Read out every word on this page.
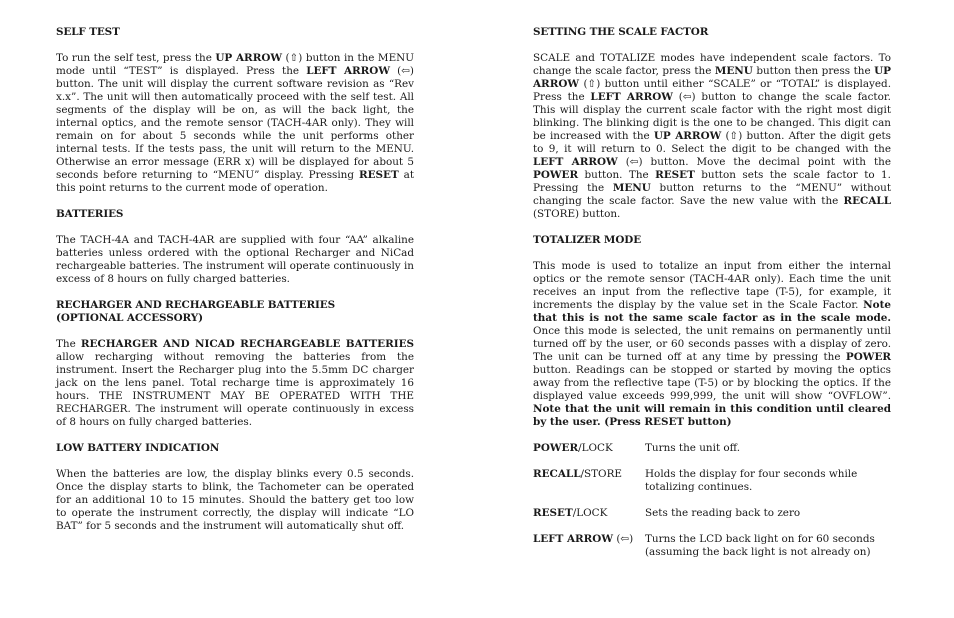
SELF TEST

To run the self test, press the UP ARROW (⇧) button in the MENU mode until “TEST” is displayed. Press the LEFT ARROW (⇦) button. The unit will display the current software revision as “Rev x.x”. The unit will then automatically proceed with the self test. All segments of the display will be on, as will the back light, the internal optics, and the remote sensor (TACH-4AR only). They will remain on for about 5 seconds while the unit performs other internal tests. If the tests pass, the unit will return to the MENU. Otherwise an error message (ERR x) will be displayed for about 5 seconds before returning to “MENU” display. Pressing RESET at this point returns to the current mode of operation.

BATTERIES

The TACH-4A and TACH-4AR are supplied with four “AA” alkaline batteries unless ordered with the optional Recharger and NiCad rechargeable batteries. The instrument will operate continuously in excess of 8 hours on fully charged batteries.

RECHARGER AND RECHARGEABLE BATTERIES
(OPTIONAL ACCESSORY)

The RECHARGER AND NICAD RECHARGEABLE BATTERIES allow recharging without removing the batteries from the instrument. Insert the Recharger plug into the 5.5mm DC charger jack on the lens panel. Total recharge time is approximately 16 hours. THE INSTRUMENT MAY BE OPERATED WITH THE RECHARGER. The instrument will operate continuously in excess of 8 hours on fully charged batteries.

LOW BATTERY INDICATION

When the batteries are low, the display blinks every 0.5 seconds. Once the display starts to blink, the Tachometer can be operated for an additional 10 to 15 minutes. Should the battery get too low to operate the instrument correctly, the display will indicate “LO BAT” for 5 seconds and the instrument will automatically shut off.

SETTING THE SCALE FACTOR

SCALE and TOTALIZE modes have independent scale factors. To change the scale factor, press the MENU button then press the UP ARROW (⇧) button until either “SCALE” or “TOTAL” is displayed. Press the LEFT ARROW (⇦) button to change the scale factor. This will display the current scale factor with the right most digit blinking. The blinking digit is the one to be changed. This digit can be increased with the UP ARROW (⇧) button. After the digit gets to 9, it will return to 0. Select the digit to be changed with the LEFT ARROW (⇦) button. Move the decimal point with the POWER button. The RESET button sets the scale factor to 1. Pressing the MENU button returns to the “MENU” without changing the scale factor. Save the new value with the RECALL (STORE) button.

TOTALIZER MODE

This mode is used to totalize an input from either the internal optics or the remote sensor (TACH-4AR only). Each time the unit receives an input from the reflective tape (T-5), for example, it increments the display by the value set in the Scale Factor. Note that this is not the same scale factor as in the scale mode. Once this mode is selected, the unit remains on permanently until turned off by the user, or 60 seconds passes with a display of zero. The unit can be turned off at any time by pressing the POWER button. Readings can be stopped or started by moving the optics away from the reflective tape (T-5) or by blocking the optics. If the displayed value exceeds 999,999, the unit will show “OVFLOW”. Note that the unit will remain in this condition until cleared by the user. (Press RESET button)

POWER/LOCK	Turns the unit off.
RECALL/STORE	Holds the display for four seconds while totalizing continues.
RESET/LOCK	Sets the reading back to zero
LEFT ARROW (⇦)	Turns the LCD back light on for 60 seconds (assuming the back light is not already on)
